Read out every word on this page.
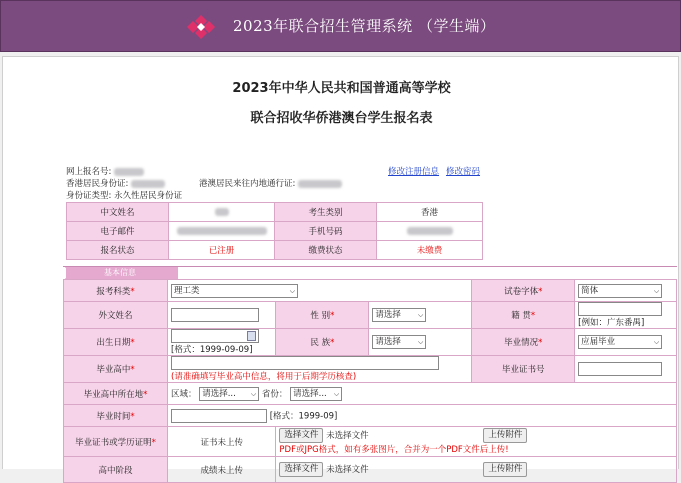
2023年联合招生管理系统 （学生端）
2023年中华人民共和国普通高等学校
联合招收华侨港澳台学生报名表
网上报名号:
香港居民身份证:	港澳居民来往内地通行证:
身份证类型: 永久性居民身份证
修改注册信息 修改密码
中文姓名		考生类别	香港
电子邮件		手机号码	
报名状态	已注册	缴费状态	未缴费
基本信息
报考科类*	理工类 ⌵			试卷字体*	简体 ⌵

外文姓名		性 别*	请选择 ⌵	籍 贯*	[例如：广东番禺]
出生日期*	[格式：1999-09-09]	民 族*	请选择 ⌵	毕业情况*	应届毕业 ⌵

毕业高中*	(请准确填写毕业高中信息，将用于后期学历核查)			毕业证书号	
毕业高中所在地*	区域： 请选择... ⌵ 省份： 请选择... ⌵				

毕业时间*	[格式：1999-09]				
毕业证书或学历证明*	证书未上传	选择文件 未选择文件 上传附件
PDF或JPG格式，如有多张图片，合并为一个PDF文件后上传!			
高中阶段	成绩未上传	选择文件 未选择文件 上传附件			
